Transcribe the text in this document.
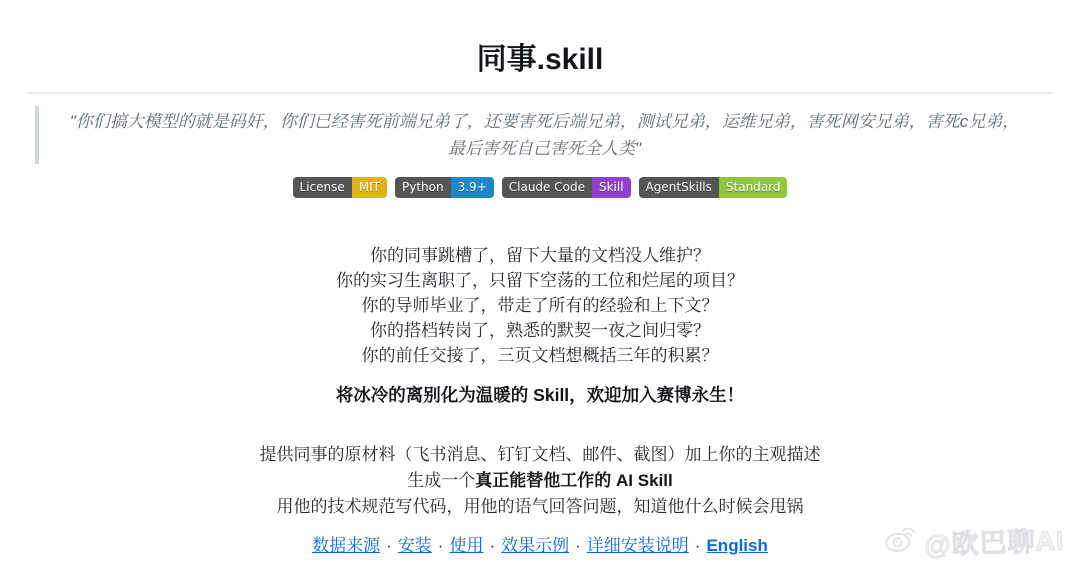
同事.skill
"你们搞大模型的就是码奸，你们已经害死前端兄弟了，还要害死后端兄弟，测试兄弟，运维兄弟，害死网安兄弟，害死c兄弟，最后害死自己害死全人类"
License	MIT	Python	3.9+	Claude Code	Skill	AgentSkills	Standard

你的同事跳槽了，留下大量的文档没人维护？

你的实习生离职了，只留下空荡的工位和烂尾的项目？

你的导师毕业了，带走了所有的经验和上下文？

你的搭档转岗了，熟悉的默契一夜之间归零？

你的前任交接了，三页文档想概括三年的积累？

将冰冷的离别化为温暖的 Skill，欢迎加入赛博永生！

提供同事的原材料（飞书消息、钉钉文档、邮件、截图）加上你的主观描述

生成一个真正能替他工作的 AI Skill

用他的技术规范写代码，用他的语气回答问题，知道他什么时候会甩锅

数据来源 · 安装 · 使用 · 效果示例 · 详细安装说明 · English	@欧巴聊AI
